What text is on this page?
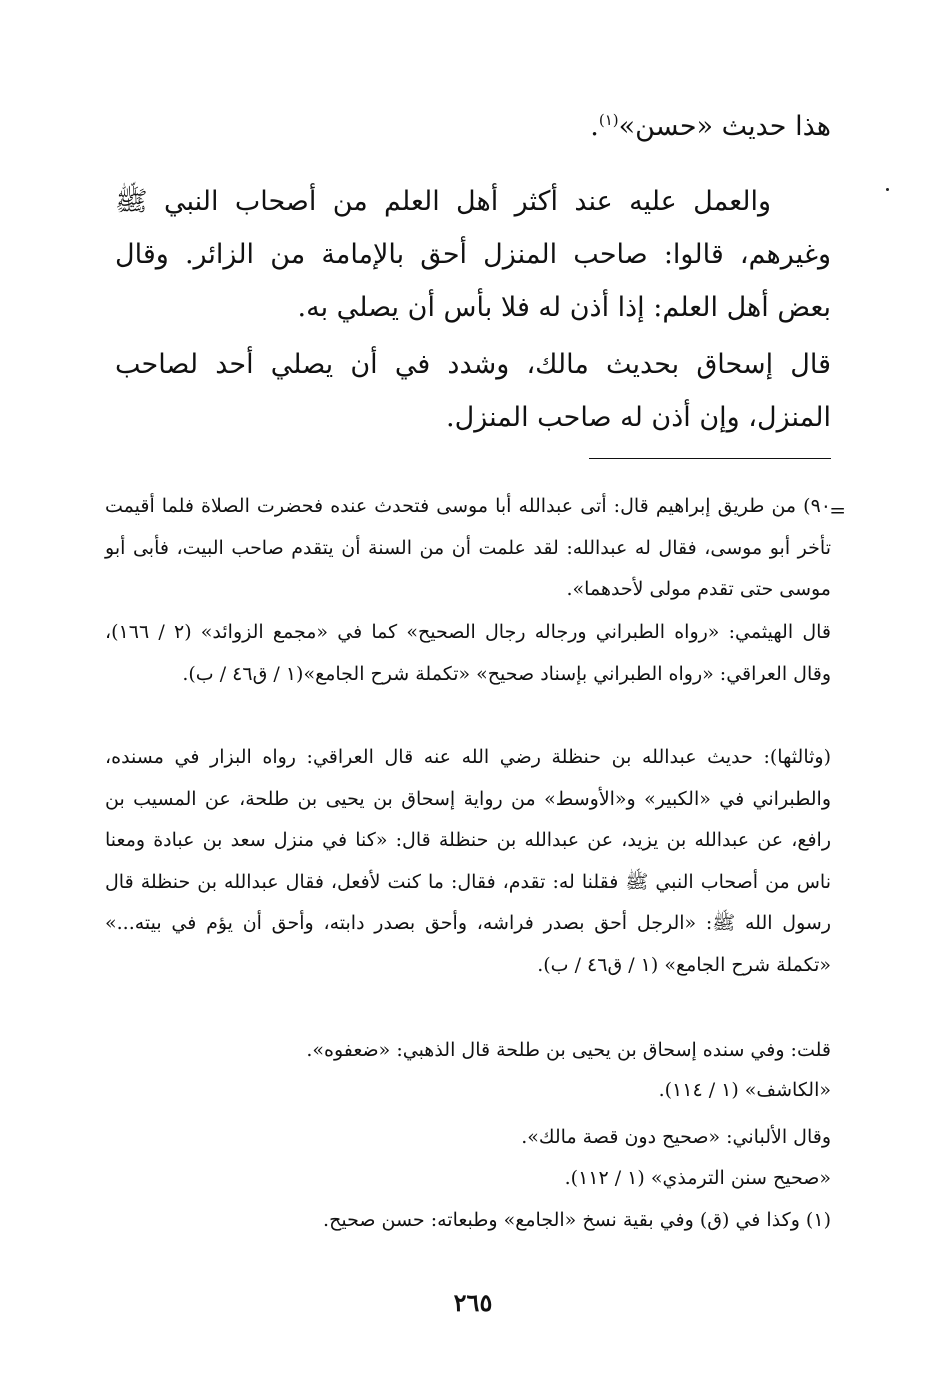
هذا حديث «حسن»$^{(١)}$.
والعمل عليه عند أكثر أهل العلم من أصحاب النبي ﷺ وغيرهم، قالوا: صاحب المنزل أحق بالإمامة من الزائر. وقال بعض أهل العلم: إذا أذن له فلا بأس أن يصلي به.
قال إسحاق بحديث مالك، وشدد في أن يصلي أحد لصاحب المنزل، وإن أذن له صاحب المنزل.
=
٩٠) من طريق إبراهيم قال: أتى عبدالله أبا موسى فتحدث عنده فحضرت الصلاة فلما أقيمت تأخر أبو موسى، فقال له عبدالله: لقد علمت أن من السنة أن يتقدم صاحب البيت، فأبى أبو موسى حتى تقدم مولى لأحدهما».
قال الهيثمي: «رواه الطبراني ورجاله رجال الصحيح» كما في «مجمع الزوائد» (٢ / ١٦٦)، وقال العراقي: «رواه الطبراني بإسناد صحيح» «تكملة شرح الجامع»(١ / ق٤٦ / ب).
(وثالثها): حديث عبدالله بن حنظلة رضي الله عنه قال العراقي: رواه البزار في مسنده، والطبراني في «الكبير» و«الأوسط» من رواية إسحاق بن يحيى بن طلحة، عن المسيب بن رافع، عن عبدالله بن يزيد، عن عبدالله بن حنظلة قال: «كنا في منزل سعد بن عبادة ومعنا ناس من أصحاب النبي ﷺ فقلنا له: تقدم، فقال: ما كنت لأفعل، فقال عبدالله بن حنظلة قال رسول الله ﷺ: «الرجل أحق بصدر فراشه، وأحق بصدر دابته، وأحق أن يؤم في بيته...» «تكملة شرح الجامع» (١ / ق٤٦ / ب).
قلت: وفي سنده إسحاق بن يحيى بن طلحة قال الذهبي: «ضعفوه».
«الكاشف» (١ / ١١٤).
وقال الألباني: «صحيح دون قصة مالك».
«صحيح سنن الترمذي» (١ / ١١٢).
(١) وكذا في (ق) وفي بقية نسخ «الجامع» وطبعاته: حسن صحيح.
٢٦٥
